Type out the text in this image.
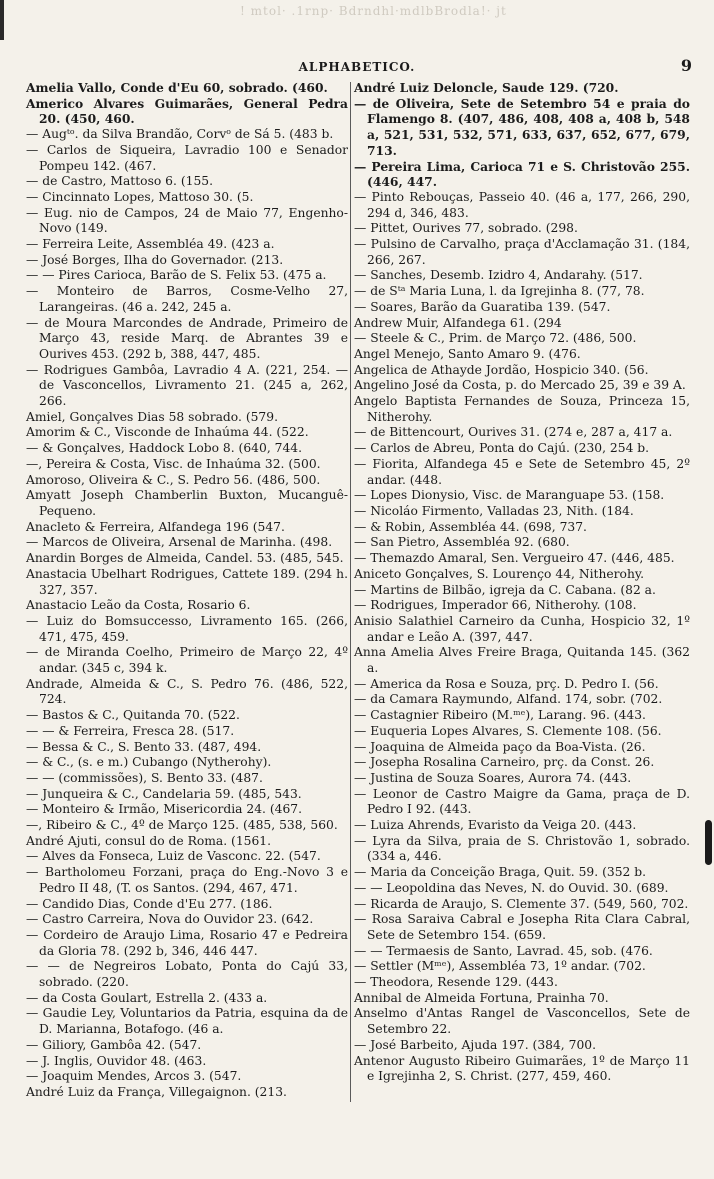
! mtol· .1rnp· Bdrndhl·mdlbBrodla!· jt
ALPHABETICO.	9

Amelia Vallo, Conde d'Eu 60, sobrado. (460.

Americo Alvares Guimarães, General Pedra 20. (450, 460.

— Augᵗᵒ. da Silva Brandão, Corvᵒ de Sá 5. (483 b.

— Carlos de Siqueira, Lavradio 100 e Senador Pompeu 142. (467.

— de Castro, Mattoso 6. (155.

— Cincinnato Lopes, Mattoso 30. (5.

— Eug. nio de Campos, 24 de Maio 77, Engenho-Novo (149.

— Ferreira Leite, Assembléa 49. (423 a.

— José Borges, Ilha do Governador. (213.

— — Pires Carioca, Barão de S. Felix 53. (475 a.

— Monteiro de Barros, Cosme-Velho 27, Larangeiras. (46 a. 242, 245 a.

— de Moura Marcondes de Andrade, Primeiro de Março 43, reside Marq. de Abrantes 39 e Ourives 453. (292 b, 388, 447, 485.

— Rodrigues Gambôa, Lavradio 4 A. (221, 254. — de Vasconcellos, Livramento 21. (245 a, 262, 266.

Amiel, Gonçalves Dias 58 sobrado. (579.

Amorim & C., Visconde de Inhaúma 44. (522.

— & Gonçalves, Haddock Lobo 8. (640, 744.

—, Pereira & Costa, Visc. de Inhaúma 32. (500.

Amoroso, Oliveira & C., S. Pedro 56. (486, 500.

Amyatt Joseph Chamberlin Buxton, Mucanguê-Pequeno.

Anacleto & Ferreira, Alfandega 196 (547.

— Marcos de Oliveira, Arsenal de Marinha. (498.

Anardin Borges de Almeida, Candel. 53. (485, 545.

Anastacia Ubelhart Rodrigues, Cattete 189. (294 h. 327, 357.

Anastacio Leão da Costa, Rosario 6.

— Luiz do Bomsuccesso, Livramento 165. (266, 471, 475, 459.

— de Miranda Coelho, Primeiro de Março 22, 4º andar. (345 c, 394 k.

Andrade, Almeida & C., S. Pedro 76. (486, 522, 724.

— Bastos & C., Quitanda 70. (522.

— — & Ferreira, Fresca 28. (517.

— Bessa & C., S. Bento 33. (487, 494.

— & C., (s. e m.) Cubango (Nytherohy).

— — (commissões), S. Bento 33. (487.

— Junqueira & C., Candelaria 59. (485, 543.

— Monteiro & Irmão, Misericordia 24. (467.

—, Ribeiro & C., 4º de Março 125. (485, 538, 560.

André Ajuti, consul do de Roma. (1561.

— Alves da Fonseca, Luiz de Vasconc. 22. (547.

— Bartholomeu Forzani, praça do Eng.-Novo 3 e Pedro II 48, (T. os Santos. (294, 467, 471.

— Candido Dias, Conde d'Eu 277. (186.

— Castro Carreira, Nova do Ouvidor 23. (642.

— Cordeiro de Araujo Lima, Rosario 47 e Pedreira da Gloria 78. (292 b, 346, 446 447.

— — de Negreiros Lobato, Ponta do Cajú 33, sobrado. (220.

— da Costa Goulart, Estrella 2. (433 a.

— Gaudie Ley, Voluntarios da Patria, esquina da de D. Marianna, Botafogo. (46 a.

— Giliory, Gambôa 42. (547.

— J. Inglis, Ouvidor 48. (463.

— Joaquim Mendes, Arcos 3. (547.

André Luiz da França, Villegaignon. (213.

André Luiz Deloncle, Saude 129. (720.

— de Oliveira, Sete de Setembro 54 e praia do Flamengo 8. (407, 486, 408, 408 a, 408 b, 548 a, 521, 531, 532, 571, 633, 637, 652, 677, 679, 713.

— Pereira Lima, Carioca 71 e S. Christovão 255. (446, 447.

— Pinto Rebouças, Passeio 40. (46 a, 177, 266, 290, 294 d, 346, 483.

— Pittet, Ourives 77, sobrado. (298.

— Pulsino de Carvalho, praça d'Acclamação 31. (184, 266, 267.

— Sanches, Desemb. Izidro 4, Andarahy. (517.

— de Sᵗᵃ Maria Luna, l. da Igrejinha 8. (77, 78.

— Soares, Barão da Guaratiba 139. (547.

Andrew Muir, Alfandega 61. (294

— Steele & C., Prim. de Março 72. (486, 500.

Angel Menejo, Santo Amaro 9. (476.

Angelica de Athayde Jordão, Hospicio 340. (56.

Angelino José da Costa, p. do Mercado 25, 39 e 39 A.

Angelo Baptista Fernandes de Souza, Princeza 15, Nitherohy.

— de Bittencourt, Ourives 31. (274 e, 287 a, 417 a.

— Carlos de Abreu, Ponta do Cajú. (230, 254 b.

— Fiorita, Alfandega 45 e Sete de Setembro 45, 2º andar. (448.

— Lopes Dionysio, Visc. de Maranguape 53. (158.

— Nicoláo Firmento, Valladas 23, Nith. (184.

— & Robin, Assembléa 44. (698, 737.

— San Pietro, Assembléa 92. (680.

— Themazdo Amaral, Sen. Vergueiro 47. (446, 485.

Aniceto Gonçalves, S. Lourenço 44, Nitherohy.

— Martins de Bilbão, igreja da C. Cabana. (82 a.

— Rodrigues, Imperador 66, Nitherohy. (108.

Anisio Salathiel Carneiro da Cunha, Hospicio 32, 1º andar e Leão A. (397, 447.

Anna Amelia Alves Freire Braga, Quitanda 145. (362 a.

— America da Rosa e Souza, prç. D. Pedro I. (56.

— da Camara Raymundo, Alfand. 174, sobr. (702.

— Castagnier Ribeiro (M.ᵐᵉ), Larang. 96. (443.

— Euqueria Lopes Alvares, S. Clemente 108. (56.

— Joaquina de Almeida paço da Boa-Vista. (26.

— Josepha Rosalina Carneiro, prç. da Const. 26.

— Justina de Souza Soares, Aurora 74. (443.

— Leonor de Castro Maigre da Gama, praça de D. Pedro I 92. (443.

— Luiza Ahrends, Evaristo da Veiga 20. (443.

— Lyra da Silva, praia de S. Christovão 1, sobrado. (334 a, 446.

— Maria da Conceição Braga, Quit. 59. (352 b.

— — Leopoldina das Neves, N. do Ouvid. 30. (689.

— Ricarda de Araujo, S. Clemente 37. (549, 560, 702.

— Rosa Saraiva Cabral e Josepha Rita Clara Cabral, Sete de Setembro 154. (659.

— — Termaesis de Santo, Lavrad. 45, sob. (476.

— Settler (Mᵐᵉ), Assembléa 73, 1º andar. (702.

— Theodora, Resende 129. (443.

Annibal de Almeida Fortuna, Prainha 70.

Anselmo d'Antas Rangel de Vasconcellos, Sete de Setembro 22.

— José Barbeito, Ajuda 197. (384, 700.

Antenor Augusto Ribeiro Guimarães, 1º de Março 11 e Igrejinha 2, S. Christ. (277, 459, 460.
